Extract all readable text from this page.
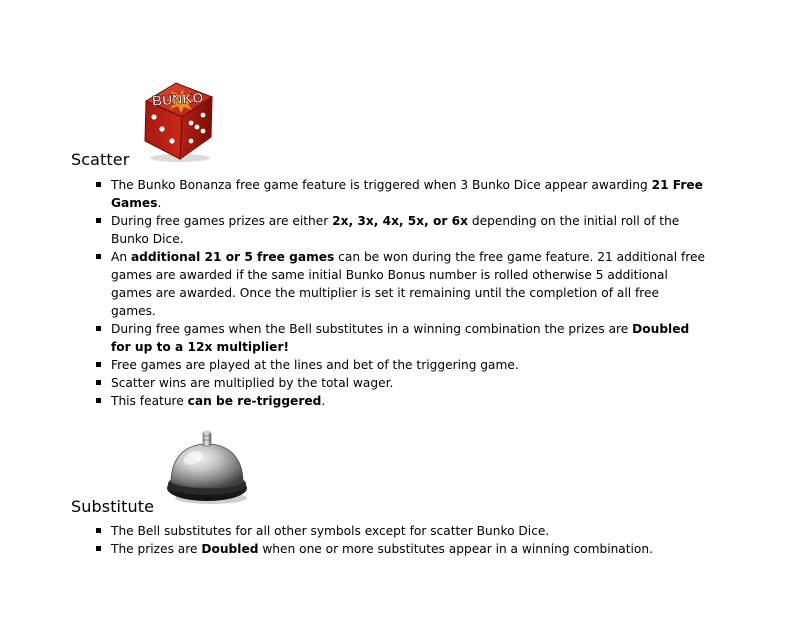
BUNKO
Scatter
The Bunko Bonanza free game feature is triggered when 3 Bunko Dice appear awarding 21 Free Games.
During free games prizes are either 2x, 3x, 4x, 5x, or 6x depending on the initial roll of the Bunko Dice.
An additional 21 or 5 free games can be won during the free game feature. 21 additional free games are awarded if the same initial Bunko Bonus number is rolled otherwise 5 additional games are awarded. Once the multiplier is set it remaining until the completion of all free games.
During free games when the Bell substitutes in a winning combination the prizes are Doubled for up to a 12x multiplier!
Free games are played at the lines and bet of the triggering game.
Scatter wins are multiplied by the total wager.
This feature can be re-triggered.
Substitute
The Bell substitutes for all other symbols except for scatter Bunko Dice.
The prizes are Doubled when one or more substitutes appear in a winning combination.
